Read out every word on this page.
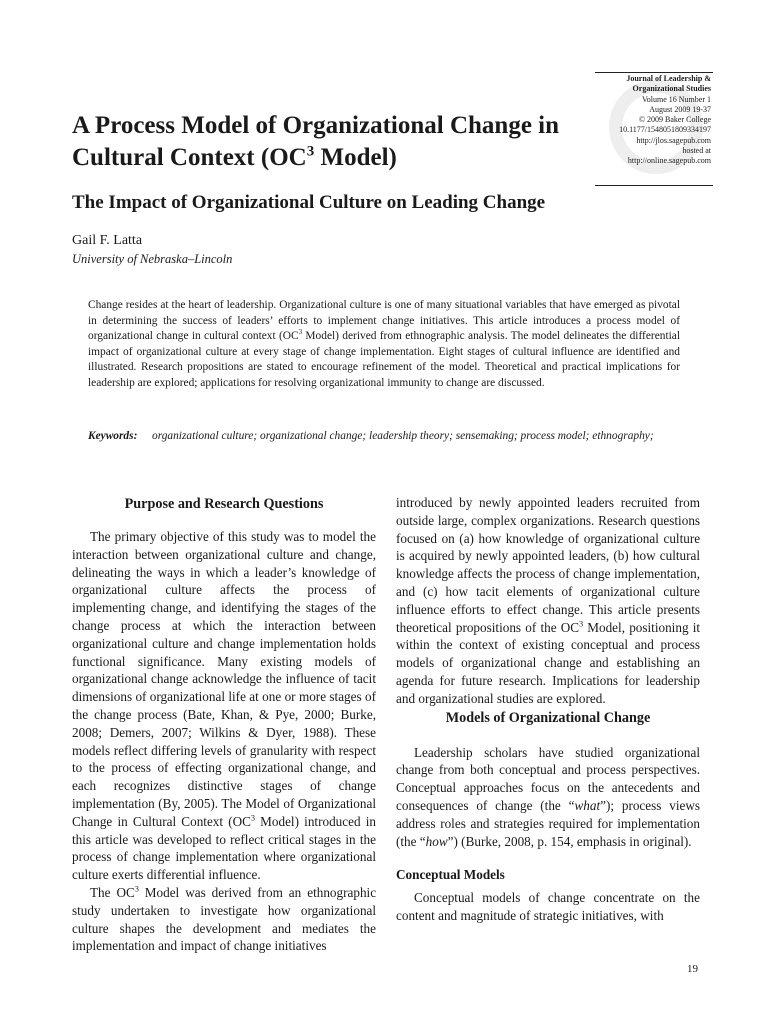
Journal of Leadership &
Organizational Studies
Volume 16 Number 1
August 2009 19-37
© 2009 Baker College
10.1177/1548051809334197
http://jlos.sagepub.com
hosted at
http://online.sagepub.com
A Process Model of Organizational Change in
Cultural Context ($OC^3$ Model)
The Impact of Organizational Culture on Leading Change
Gail F. Latta
University of Nebraska–Lincoln

Change resides at the heart of leadership. Organizational culture is one of many situational variables that have emerged as pivotal in determining the success of leaders’ efforts to implement change initiatives. This article introduces a process model of organizational change in cultural context ($OC^3$ Model) derived from ethnographic analysis. The model delineates the differential impact of organizational culture at every stage of change implementation. Eight stages of cultural influence are identified and illustrated. Research propositions are stated to encourage refinement of the model. Theoretical and practical implications for leadership are explored; applications for resolving organizational immunity to change are discussed.

Keywords: organizational culture; organizational change; leadership theory; sensemaking; process model; ethnography;
Purpose and Research Questions

The primary objective of this study was to model the interaction between organizational culture and change, delineating the ways in which a leader’s knowledge of organizational culture affects the process of implementing change, and identifying the stages of the change process at which the interaction between organizational culture and change implementation holds functional significance. Many existing models of organizational change acknowledge the influence of tacit dimensions of organizational life at one or more stages of the change process (Bate, Khan, & Pye, 2000; Burke, 2008; Demers, 2007; Wilkins & Dyer, 1988). These models reflect differing levels of granularity with respect to the process of effecting organizational change, and each recognizes distinctive stages of change implementation (By, 2005). The Model of Organizational Change in Cultural Context ($OC^3$ Model) introduced in this article was developed to reflect critical stages in the process of change implementation where organizational culture exerts differential influence.

The $OC^3$ Model was derived from an ethnographic study undertaken to investigate how organizational culture shapes the development and mediates the implementation and impact of change initiatives

introduced by newly appointed leaders recruited from outside large, complex organizations. Research questions focused on (a) how knowledge of organizational culture is acquired by newly appointed leaders, (b) how cultural knowledge affects the process of change implementation, and (c) how tacit elements of organizational culture influence efforts to effect change. This article presents theoretical propositions of the $OC^3$ Model, positioning it within the context of existing conceptual and process models of organizational change and establishing an agenda for future research. Implications for leadership and organizational studies are explored.

Models of Organizational Change

Leadership scholars have studied organizational change from both conceptual and process perspectives. Conceptual approaches focus on the antecedents and consequences of change (the “what”); process views address roles and strategies required for implementation (the “how”) (Burke, 2008, p. 154, emphasis in original).

Conceptual Models

Conceptual models of change concentrate on the content and magnitude of strategic initiatives, with

19
